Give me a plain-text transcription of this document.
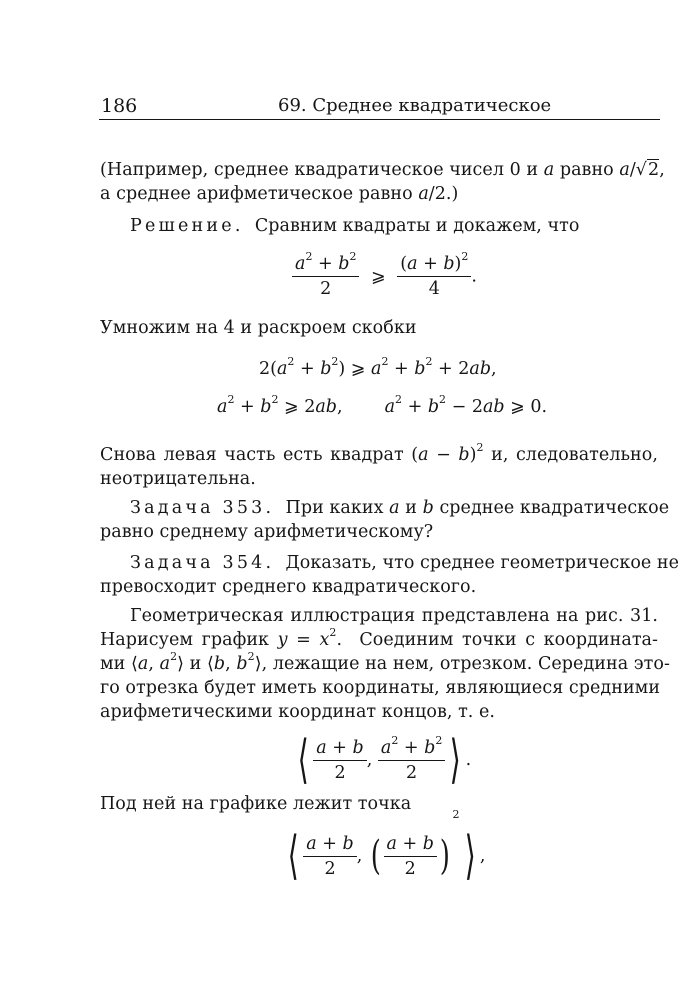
186	69. Среднее квадратическое
(Например, среднее квадратическое чисел 0 и a равно a/√2,
а среднее арифметическое равно a/2.)
Решение. Сравним квадраты и докажем, что
$\frac{a^2 + b^2}{2}$ ⩾ $\frac{(a + b)^2}{4}$ .
Умножим на 4 и раскроем скобки
$2(a^2 + b^2)$ ⩾ $a^2 + b^2 + 2ab$,
$a^2 + b^2$ ⩾ 2ab, $a^2 + b^2 - 2ab$ ⩾ 0.
Снова левая часть есть квадрат $(a - b)^2$ и, следовательно,
неотрицательна.
Задача 353. При каких a и b среднее квадратическое
равно среднему арифметическому?
Задача 354. Доказать, что среднее геометрическое не
превосходит среднего квадратического.
Геометрическая иллюстрация представлена на рис. 31.
Нарисуем график $y = x^2$.  Соединим точки с координата-
ми ⟨a, $a^2⟩$ и ⟨b, $b^2⟩$, лежащие на нем, отрезком. Середина это-
го отрезка будет иметь координаты, являющиеся средними
арифметическими координат концов, т. е.
⟨ $\frac{a + b}{2}$ , $\frac{a^2 + b^2}{2}$ ⟩ .
Под ней на графике лежит точка
⟨ $\frac{a + b}{2}$ , ( $\frac{a + b}{2}$ )$^2$⟩ ,
